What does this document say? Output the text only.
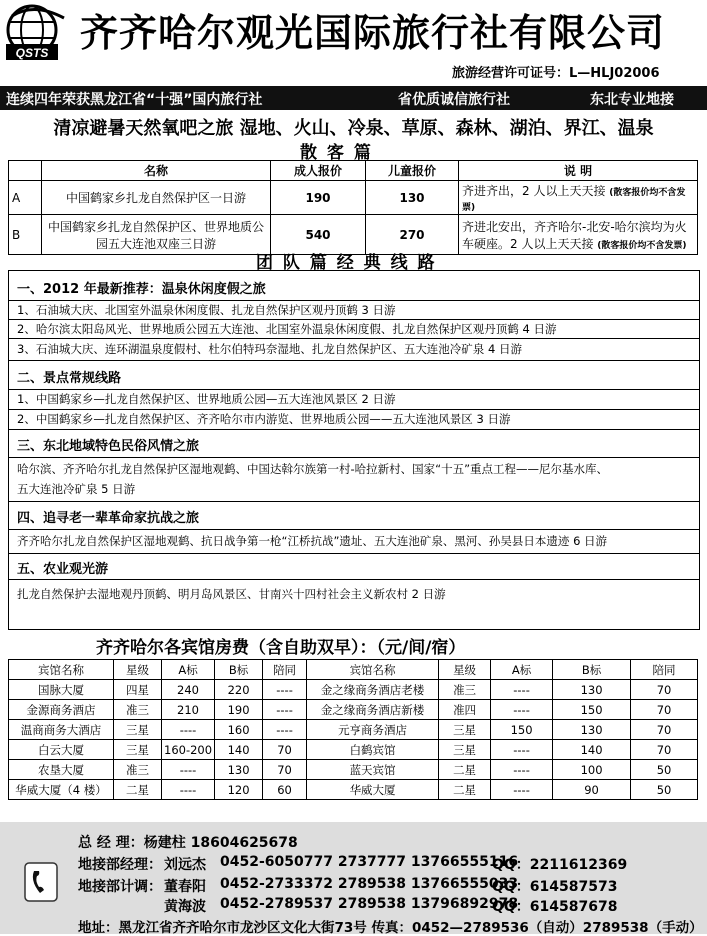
QSTS 齐齐哈尔观光国际旅行社有限公司
旅游经营许可证号：L—HLJ02006
连续四年荣获黑龙江省“十强”国内旅行社	省优质诚信旅行社	东北专业地接
清凉避暑天然氧吧之旅 湿地、火山、冷泉、草原、森林、湖泊、界江、温泉
散 客 篇
	名称	成人报价	儿童报价	说 明
A	中国鹤家乡扎龙自然保护区一日游	190	130	齐进齐出，2 人以上天天接 (散客报价均不含发票)
B	中国鹤家乡扎龙自然保护区、世界地质公园五大连池双座三日游	540	270	齐进北安出，齐齐哈尔-北安-哈尔滨均为火车硬座。2 人以上天天接 (散客报价均不含发票)
团 队 篇 经 典 线 路
一、2012 年最新推荐：温泉休闲度假之旅
1、石油城大庆、北国室外温泉休闲度假、扎龙自然保护区观丹顶鹤 3 日游
2、哈尔滨太阳岛风光、世界地质公园五大连池、北国室外温泉休闲度假、扎龙自然保护区观丹顶鹤 4 日游
3、石油城大庆、连环湖温泉度假村、杜尔伯特玛奈湿地、扎龙自然保护区、五大连池冷矿泉 4 日游
二、景点常规线路
1、中国鹤家乡—扎龙自然保护区、世界地质公园—五大连池风景区 2 日游
2、中国鹤家乡—扎龙自然保护区、齐齐哈尔市内游览、世界地质公园——五大连池风景区 3 日游
三、东北地域特色民俗风情之旅
哈尔滨、齐齐哈尔扎龙自然保护区湿地观鹤、中国达斡尔族第一村-哈拉新村、国家“十五”重点工程——尼尔基水库、
五大连池冷矿泉 5 日游
四、追寻老一辈革命家抗战之旅
齐齐哈尔扎龙自然保护区湿地观鹤、抗日战争第一枪“江桥抗战”遗址、五大连池矿泉、黑河、孙吴县日本遗迹 6 日游
五、农业观光游
扎龙自然保护去湿地观丹顶鹤、明月岛风景区、甘南兴十四村社会主义新农村 2 日游
齐齐哈尔各宾馆房费（含自助双早）：（元/间/宿）
宾馆名称	星级	A标	B标	陪同	宾馆名称	星级	A标	B标	陪同
国脉大厦	四星	240	220	----	金之缘商务酒店老楼	准三	----	130	70
金源商务酒店	准三	210	190	----	金之缘商务酒店新楼	准四	----	150	70
温商商务大酒店	三星	----	160	----	元亨商务酒店	三星	150	130	70
白云大厦	三星	160-200	140	70	白鹤宾馆	三星	----	140	70
农垦大厦	准三	----	130	70	蓝天宾馆	二星	----	100	50
华威大厦（4 楼）	二星	----	120	60	华威大厦	二星	----	90	50
总 经 理：杨建柱 18604625678
地接部经理： 刘远杰 0452-6050777 2737777 13766555116
QQ：2211612369
地接部计调： 董春阳 0452-2733372 2789538 13766555033
QQ：614587573
黄海波 0452-2789537 2789538 13796892978
QQ：614587678
地址：黑龙江省齐齐哈尔市龙沙区文化大街73号 传真：0452—2789536（自动）2789538（手动）
